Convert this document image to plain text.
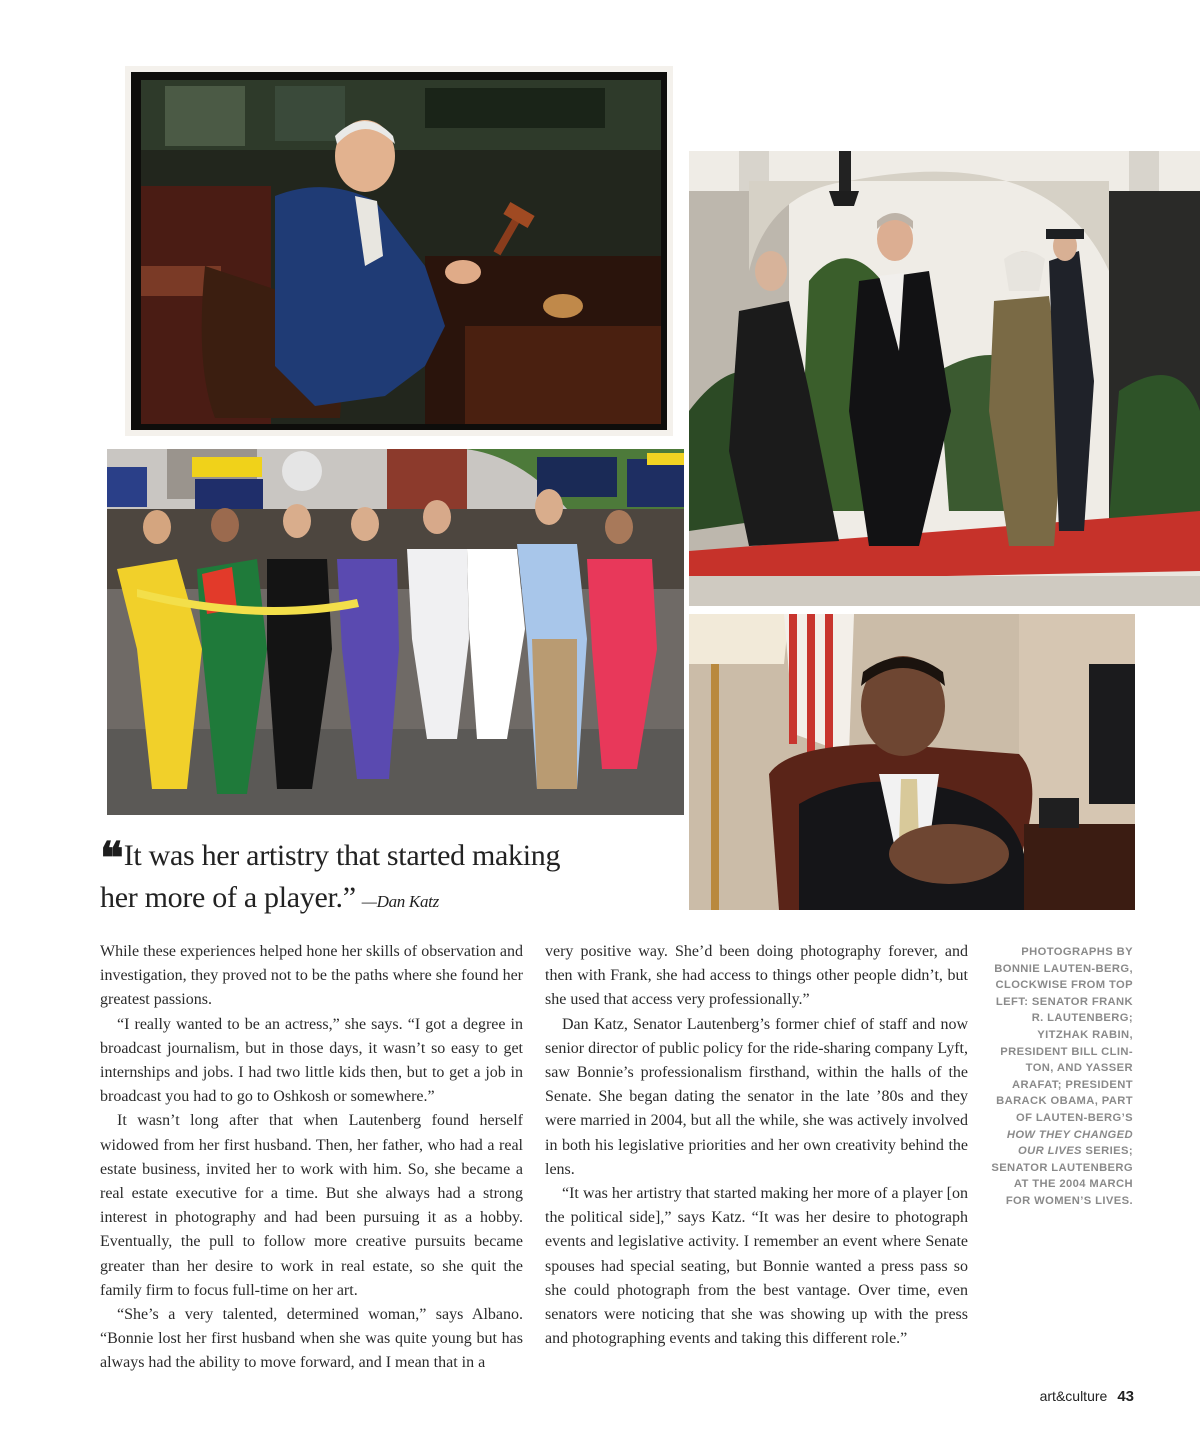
❝ It was her artistry that started making
her more of a player.” —Dan Katz

While these experiences helped hone her skills of observation and investigation, they proved not to be the paths where she found her greatest passions.

“I really wanted to be an actress,” she says. “I got a degree in broadcast journalism, but in those days, it wasn’t so easy to get internships and jobs. I had two little kids then, but to get a job in broadcast you had to go to Oshkosh or somewhere.”

It wasn’t long after that when Lautenberg found herself widowed from her first husband. Then, her father, who had a real estate business, invited her to work with him. So, she became a real estate executive for a time. But she always had a strong interest in photography and had been pursuing it as a hobby. Eventually, the pull to follow more creative pursuits became greater than her desire to work in real estate, so she quit the family firm to focus full-time on her art.

“She’s a very talented, determined woman,” says Albano. “Bonnie lost her first husband when she was quite young but has always had the ability to move forward, and I mean that in a

very positive way. She’d been doing photography forever, and then with Frank, she had access to things other people didn’t, but she used that access very professionally.”

Dan Katz, Senator Lautenberg’s former chief of staff and now senior director of public policy for the ride-sharing company Lyft, saw Bonnie’s professionalism firsthand, within the halls of the Senate. She began dating the senator in the late ’80s and they were married in 2004, but all the while, she was actively involved in both his legislative priorities and her own creativity behind the lens.

“It was her artistry that started making her more of a player [on the political side],” says Katz. “It was her desire to photograph events and legislative activity. I remember an event where Senate spouses had special seating, but Bonnie wanted a press pass so she could photograph from the best vantage. Over time, even senators were noticing that she was showing up with the press and photographing events and taking this different role.”

PHOTOGRAPHS BY BONNIE LAUTEN-BERG, CLOCKWISE FROM TOP LEFT: SENATOR FRANK R. LAUTENBERG; YITZHAK RABIN, PRESIDENT BILL CLIN-TON, AND YASSER ARAFAT; PRESIDENT BARACK OBAMA, PART OF LAUTEN-BERG’S HOW THEY CHANGED OUR LIVES SERIES; SENATOR LAUTENBERG AT THE 2004 MARCH FOR WOMEN’S LIVES.
art&culture 43
